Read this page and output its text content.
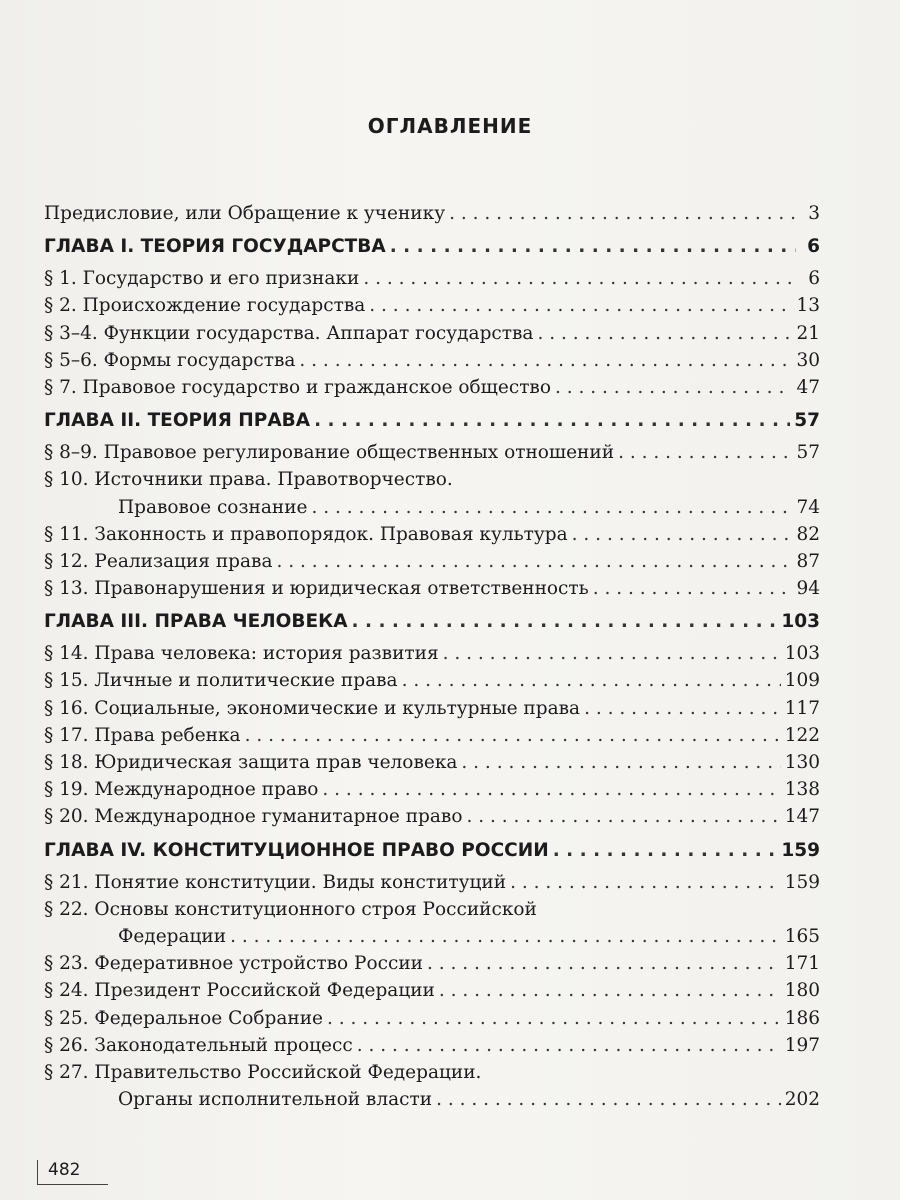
ОГЛАВЛЕНИЕ
Предисловие, или Обращение к ученику . . .	3
ГЛАВА I. ТЕОРИЯ ГОСУДАРСТВА . . .	6
§ 1. Государство и его признаки . . .	6
§ 2. Происхождение государства . . .	13
§ 3–4. Функции государства. Аппарат государства . . .	21
§ 5–6. Формы государства . . .	30
§ 7. Правовое государство и гражданское общество . . .	47
ГЛАВА II. ТЕОРИЯ ПРАВА . . .	57
§ 8–9. Правовое регулирование общественных отношений . . .	57
§ 10. Источники права. Правотворчество.
Правовое сознание . . .	74
§ 11. Законность и правопорядок. Правовая культура . . .	82
§ 12. Реализация права . . .	87
§ 13. Правонарушения и юридическая ответственность . . .	94
ГЛАВА III. ПРАВА ЧЕЛОВЕКА . . .	103
§ 14. Права человека: история развития . . .	103
§ 15. Личные и политические права . . .	109
§ 16. Социальные, экономические и культурные права . . .	117
§ 17. Права ребенка . . .	122
§ 18. Юридическая защита прав человека . . .	130
§ 19. Международное право . . .	138
§ 20. Международное гуманитарное право . . .	147
ГЛАВА IV. КОНСТИТУЦИОННОЕ ПРАВО РОССИИ . . .	159
§ 21. Понятие конституции. Виды конституций . . .	159
§ 22. Основы конституционного строя Российской
Федерации . . .	165
§ 23. Федеративное устройство России . . .	171
§ 24. Президент Российской Федерации . . .	180
§ 25. Федеральное Собрание . . .	186
§ 26. Законодательный процесс . . .	197
§ 27. Правительство Российской Федерации.
Органы исполнительной власти . . .	202
482
